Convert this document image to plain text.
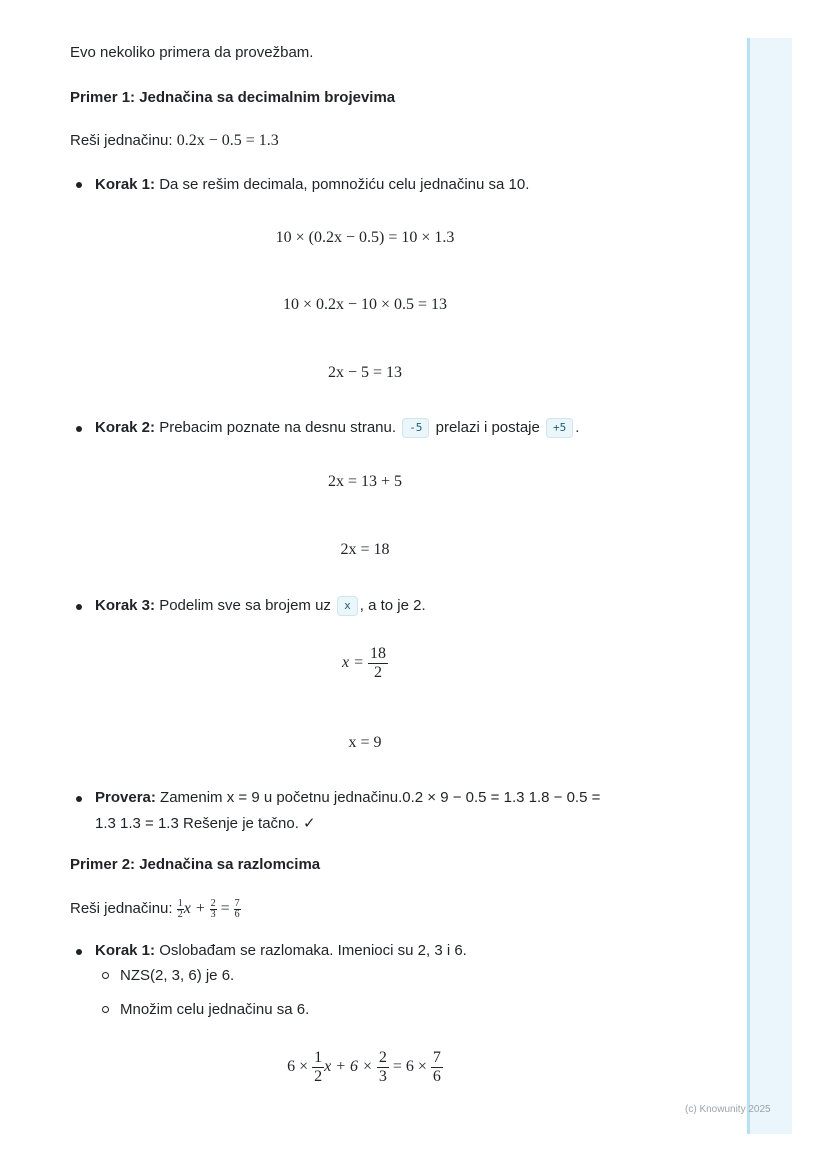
Evo nekoliko primera da provežbam.
Primer 1: Jednačina sa decimalnim brojevima
Reši jednačinu: 0.2x − 0.5 = 1.3
Korak 1: Da se rešim decimala, pomnožiću celu jednačinu sa 10.
10 × (0.2x − 0.5) = 10 × 1.3
10 × 0.2x − 10 × 0.5 = 13
2x − 5 = 13
Korak 2: Prebacim poznate na desnu stranu. -5 prelazi i postaje +5 .
2x = 13 + 5
2x = 18
Korak 3: Podelim sve sa brojem uz x , a to je 2.
$x = \frac{18}{2}$
x = 9
Provera: Zamenim x = 9 u početnu jednačinu.0.2 × 9 − 0.5 = 1.3 1.8 − 0.5 =
1.3 1.3 = 1.3 Rešenje je tačno. ✓
Primer 2: Jednačina sa razlomcima
Reši jednačinu: $\frac{1}{2}$ $x + \frac{2}{3} = \frac{7}{6}$
Korak 1: Oslobađam se razlomaka. Imenioci su 2, 3 i 6.
NZS(2, 3, 6) je 6.
Množim celu jednačinu sa 6.
$6 \times \frac{1}{2}$ $x + 6 \times \frac{2}{3} = 6 \times \frac{7}{6}$
(c) Knowunity 2025
